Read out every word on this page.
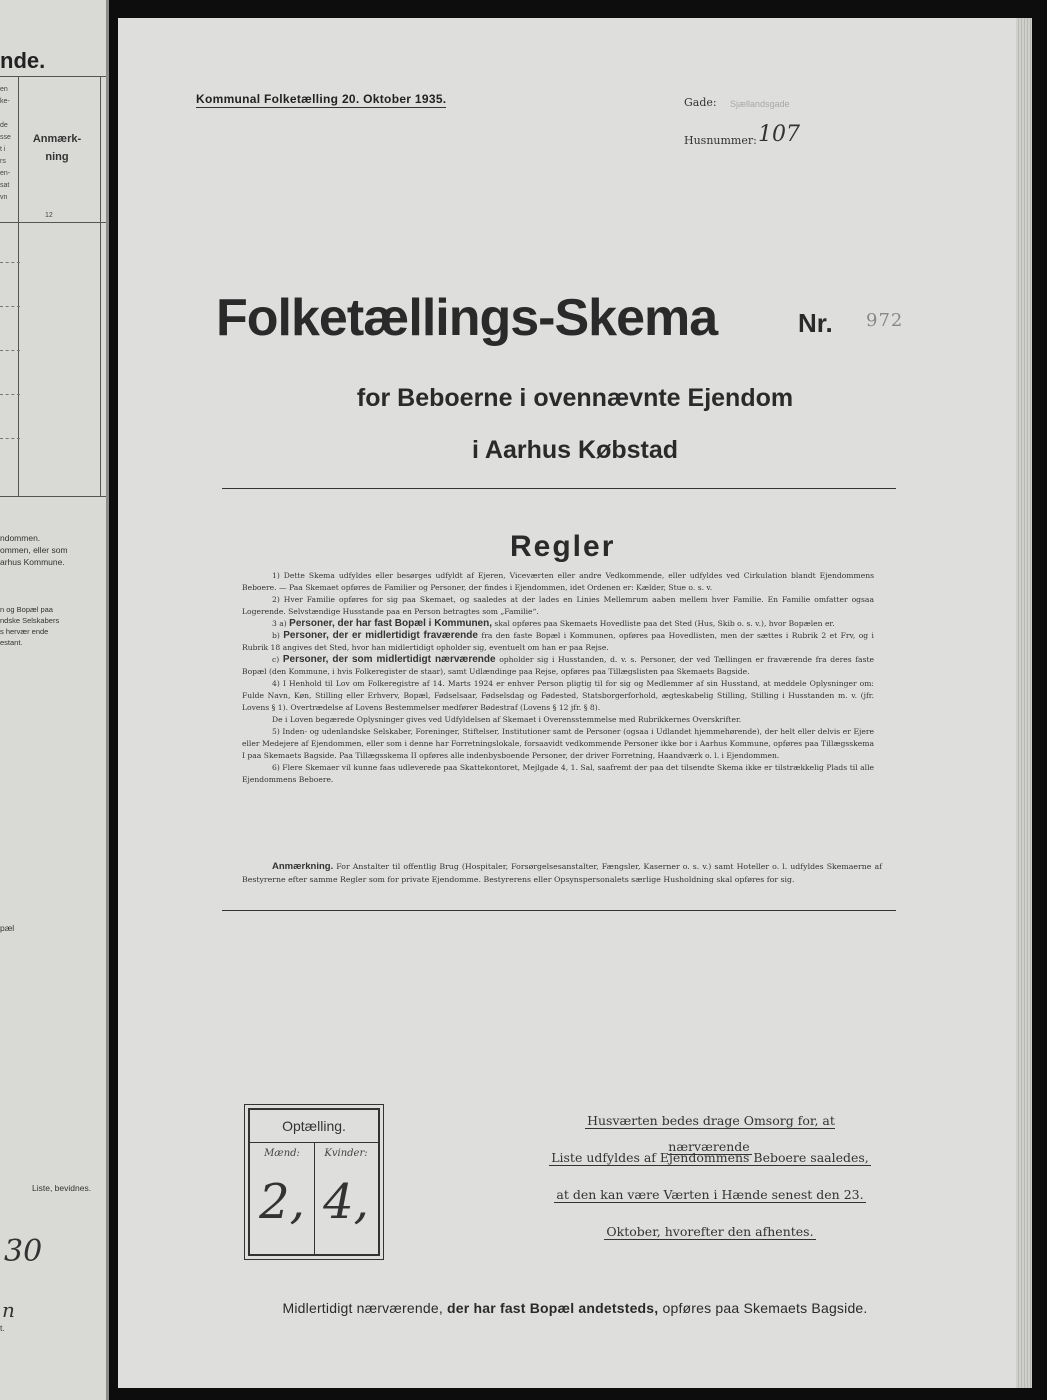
nde.
en
ke-

de
sse
t i
rs
en-
sat
vn
Anmærk-
ning
12
ndommen.
ommen, eller som
arhus Kommune.
n og Bopæl paa
ndske Selskabers
s hervær ende
estant.
pæl
Liste, bevidnes.
30
n
t.
Kommunal Folketælling 20. Oktober 1935.	Gade: Sjællandsgade
Husnummer: 107
Folketællings-Skema	Nr. 972
for Beboerne i ovennævnte Ejendom
i Aarhus Købstad
Regler

1) Dette Skema udfyldes eller besørges udfyldt af Ejeren, Viceværten eller andre Vedkommende, eller udfyldes ved Cirkulation blandt Ejendommens Beboere. — Paa Skemaet opføres de Familier og Personer, der findes i Ejendommen, idet Ordenen er: Kælder, Stue o. s. v.

2) Hver Familie opføres for sig paa Skemaet, og saaledes at der lades en Linies Mellemrum aaben mellem hver Familie. En Familie omfatter ogsaa Logerende. Selvstændige Husstande paa en Person betragtes som „Familie“.

3 a) Personer, der har fast Bopæl i Kommunen, skal opføres paa Skemaets Hovedliste paa det Sted (Hus, Skib o. s. v.), hvor Bopælen er.

b) Personer, der er midlertidigt fraværende fra den faste Bopæl i Kommunen, opføres paa Hovedlisten, men der sættes i Rubrik 2 et Frv, og i Rubrik 18 angives det Sted, hvor han midlertidigt opholder sig, eventuelt om han er paa Rejse.

c) Personer, der som midlertidigt nærværende opholder sig i Husstanden, d. v. s. Personer, der ved Tællingen er fraværende fra deres faste Bopæl (den Kommune, i hvis Folkeregister de staar), samt Udlændinge paa Rejse, opføres paa Tillægslisten paa Skemaets Bagside.

4) I Henhold til Lov om Folkeregistre af 14. Marts 1924 er enhver Person pligtig til for sig og Medlemmer af sin Husstand, at meddele Oplysninger om: Fulde Navn, Køn, Stilling eller Erhverv, Bopæl, Fødselsaar, Fødselsdag og Fødested, Statsborgerforhold, ægteskabelig Stilling, Stilling i Husstanden m. v. (jfr. Lovens § 1). Overtrædelse af Lovens Bestemmelser medfører Bødestraf (Lovens § 12 jfr. § 8).

De i Loven begærede Oplysninger gives ved Udfyldelsen af Skemaet i Overensstemmelse med Rubrikkernes Overskrifter.

5) Inden- og udenlandske Selskaber, Foreninger, Stiftelser, Institutioner samt de Personer (ogsaa i Udlandet hjemmehørende), der helt eller delvis er Ejere eller Medejere af Ejendommen, eller som i denne har Forretningslokale, forsaavidt vedkommende Personer ikke bor i Aarhus Kommune, opføres paa Tillægsskema I paa Skemaets Bagside. Paa Tillægsskema II opføres alle indenbysboende Personer, der driver Forretning, Haandværk o. l. i Ejendommen.

6) Flere Skemaer vil kunne faas udleverede paa Skattekontoret, Mejlgade 4, 1. Sal, saafremt der paa det tilsendte Skema ikke er tilstrækkelig Plads til alle Ejendommens Beboere.

Anmærkning. For Anstalter til offentlig Brug (Hospitaler, Forsørgelsesanstalter, Fængsler, Kaserner o. s. v.) samt Hoteller o. l. udfyldes Skemaerne af Bestyrerne efter samme Regler som for private Ejendomme. Bestyrerens eller Opsynspersonalets særlige Husholdning skal opføres for sig.
Optælling.
Mænd:	Kvinder:
2, 4,
Husværten bedes drage Omsorg for, at nærværende
Liste udfyldes af Ejendommens Beboere saaledes,
at den kan være Værten i Hænde senest den 23.
Oktober, hvorefter den afhentes.
Midlertidigt nærværende, der har fast Bopæl andetsteds, opføres paa Skemaets Bagside.
